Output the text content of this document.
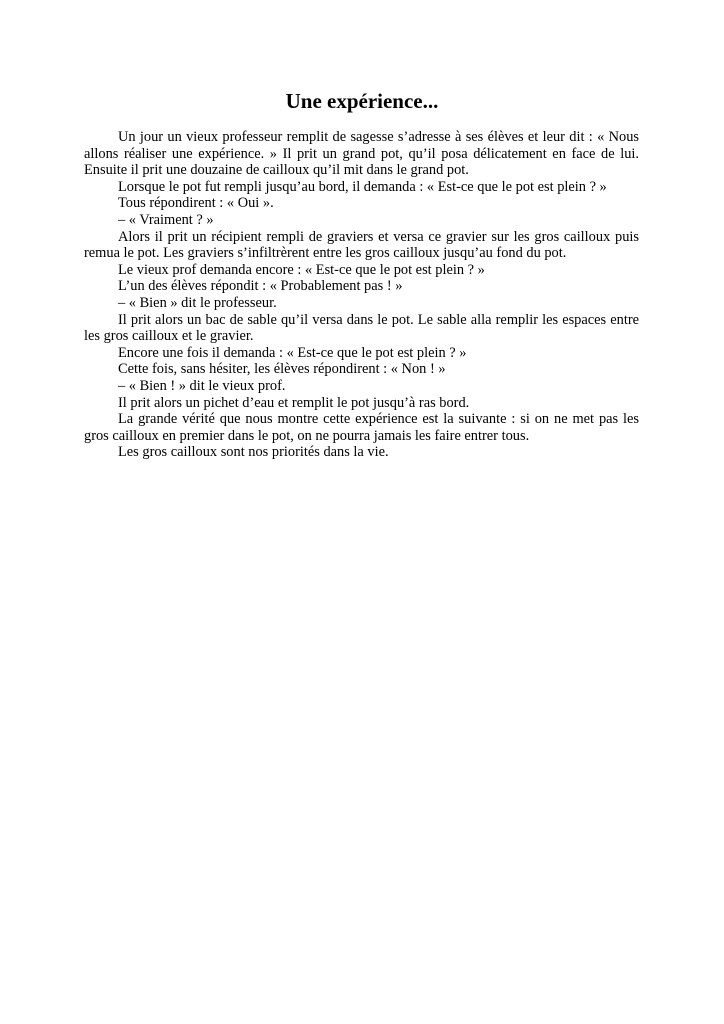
Une expérience...

Un jour un vieux professeur remplit de sagesse s’adresse à ses élèves et leur dit : « Nous allons réaliser une expérience. » Il prit un grand pot, qu’il posa délicatement en face de lui. Ensuite il prit une douzaine de cailloux qu’il mit dans le grand pot.

Lorsque le pot fut rempli jusqu’au bord, il demanda : « Est-ce que le pot est plein ? »

Tous répondirent : « Oui ».

– « Vraiment ? »

Alors il prit un récipient rempli de graviers et versa ce gravier sur les gros cailloux puis remua le pot. Les graviers s’infiltrèrent entre les gros cailloux jusqu’au fond du pot.

Le vieux prof demanda encore : « Est-ce que le pot est plein ? »

L’un des élèves répondit : « Probablement pas ! »

– « Bien » dit le professeur.

Il prit alors un bac de sable qu’il versa dans le pot. Le sable alla remplir les espaces entre les gros cailloux et le gravier.

Encore une fois il demanda : « Est-ce que le pot est plein ? »

Cette fois, sans hésiter, les élèves répondirent : « Non ! »

– « Bien ! » dit le vieux prof.

Il prit alors un pichet d’eau et remplit le pot jusqu’à ras bord.

La grande vérité que nous montre cette expérience est la suivante : si on ne met pas les gros cailloux en premier dans le pot, on ne pourra jamais les faire entrer tous.

Les gros cailloux sont nos priorités dans la vie.
